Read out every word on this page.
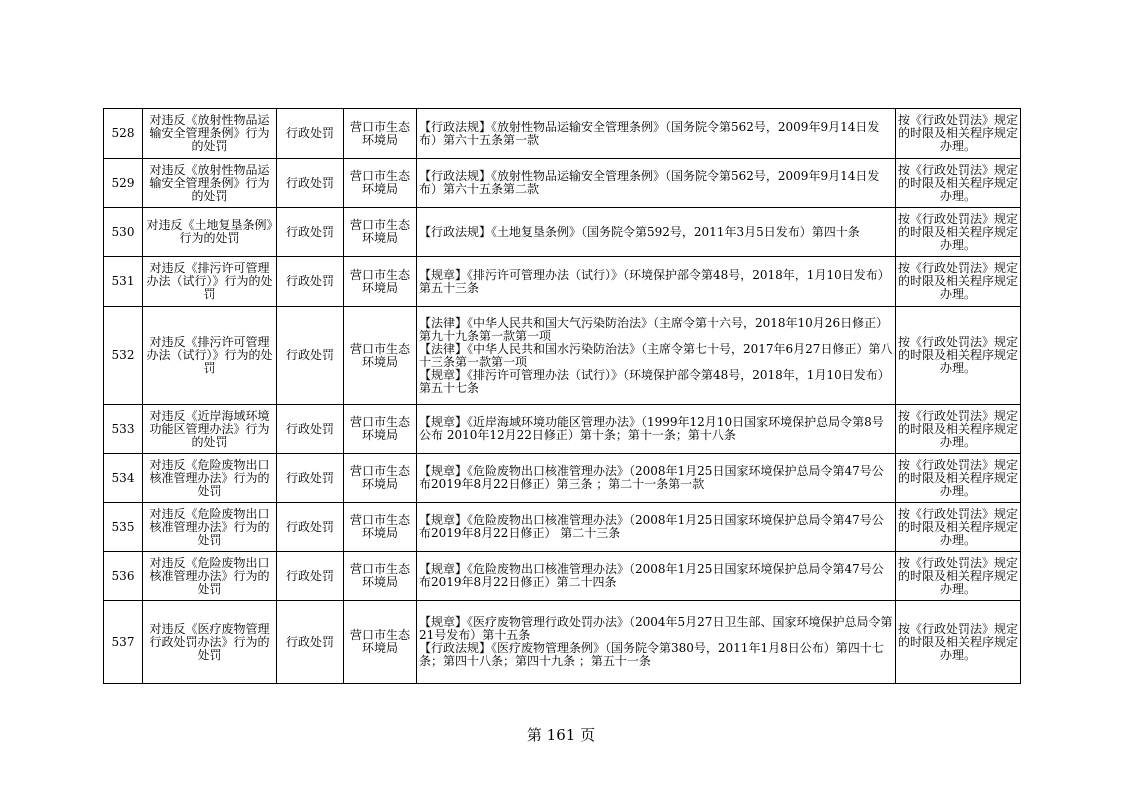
528	对违反《放射性物品运输安全管理条例》行为的处罚	行政处罚	营口市生态环境局	【行政法规】《放射性物品运输安全管理条例》（国务院令第562号，2009年9月14日发布）第六十五条第一款	按《行政处罚法》规定的时限及相关程序规定办理。
529	对违反《放射性物品运输安全管理条例》行为的处罚	行政处罚	营口市生态环境局	【行政法规】《放射性物品运输安全管理条例》（国务院令第562号，2009年9月14日发布）第六十五条第二款	按《行政处罚法》规定的时限及相关程序规定办理。
530	对违反《土地复垦条例》行为的处罚	行政处罚	营口市生态环境局	【行政法规】《土地复垦条例》（国务院令第592号，2011年3月5日发布）第四十条	按《行政处罚法》规定的时限及相关程序规定办理。
531	对违反《排污许可管理办法（试行）》行为的处罚	行政处罚	营口市生态环境局	【规章】《排污许可管理办法（试行）》（环境保护部令第48号，2018年，1月10日发布）第五十三条	按《行政处罚法》规定的时限及相关程序规定办理。
532	对违反《排污许可管理办法（试行）》行为的处罚	行政处罚	营口市生态环境局	【法律】《中华人民共和国大气污染防治法》（主席令第十六号，2018年10月26日修正）第九十九条第一款第一项
【法律】《中华人民共和国水污染防治法》（主席令第七十号，2017年6月27日修正）第八十三条第一款第一项
【规章】《排污许可管理办法（试行）》（环境保护部令第48号，2018年，1月10日发布）第五十七条	按《行政处罚法》规定的时限及相关程序规定办理。
533	对违反《近岸海域环境功能区管理办法》行为的处罚	行政处罚	营口市生态环境局	【规章】《近岸海域环境功能区管理办法》（1999年12月10日国家环境保护总局令第8号公布 2010年12月22日修正）第十条；第十一条；第十八条	按《行政处罚法》规定的时限及相关程序规定办理。
534	对违反《危险废物出口核准管理办法》行为的处罚	行政处罚	营口市生态环境局	【规章】《危险废物出口核准管理办法》（2008年1月25日国家环境保护总局令第47号公布2019年8月22日修正）第三条 ；第二十一条第一款	按《行政处罚法》规定的时限及相关程序规定办理。
535	对违反《危险废物出口核准管理办法》行为的处罚	行政处罚	营口市生态环境局	【规章】《危险废物出口核准管理办法》（2008年1月25日国家环境保护总局令第47号公布2019年8月22日修正） 第二十三条	按《行政处罚法》规定的时限及相关程序规定办理。
536	对违反《危险废物出口核准管理办法》行为的处罚	行政处罚	营口市生态环境局	【规章】《危险废物出口核准管理办法》（2008年1月25日国家环境保护总局令第47号公布2019年8月22日修正）第二十四条	按《行政处罚法》规定的时限及相关程序规定办理。
537	对违反《医疗废物管理行政处罚办法》行为的处罚	行政处罚	营口市生态环境局	【规章】《医疗废物管理行政处罚办法》（2004年5月27日卫生部、国家环境保护总局令第21号发布）第十五条
【行政法规】《医疗废物管理条例》（国务院令第380号，2011年1月8日公布）第四十七条；第四十八条；第四十九条 ；第五十一条	按《行政处罚法》规定的时限及相关程序规定办理。
第 161 页
